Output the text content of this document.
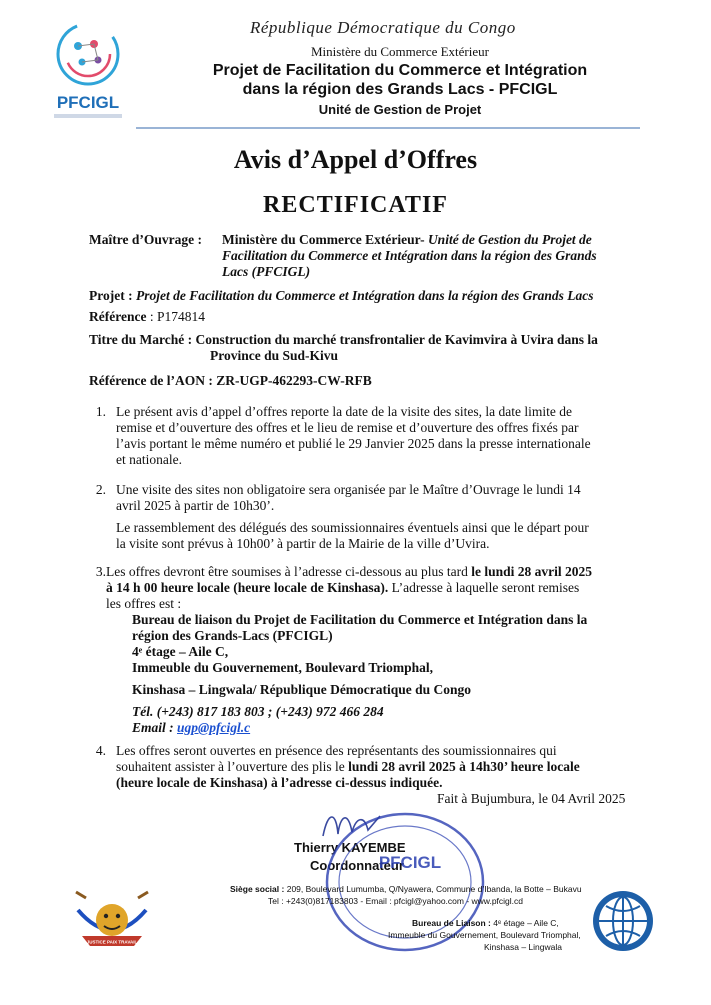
PFCIGL
République Démocratique du Congo
Ministère du Commerce Extérieur
Projet de Facilitation du Commerce et Intégration
dans la région des Grands Lacs - PFCIGL
Unité de Gestion de Projet
Avis d’Appel d’Offres
RECTIFICATIF
Maître d’Ouvrage : Ministère du Commerce Extérieur- Unité de Gestion du Projet de
Facilitation du Commerce et Intégration dans la région des Grands
Lacs (PFCIGL)
Projet : Projet de Facilitation du Commerce et Intégration dans la région des Grands Lacs
Référence : P174814
Titre du Marché : Construction du marché transfrontalier de Kavimvira à Uvira dans la
Province du Sud-Kivu
Référence de l’AON : ZR-UGP-462293-CW-RFB
1. Le présent avis d’appel d’offres reporte la date de la visite des sites, la date limite de
remise et d’ouverture des offres et le lieu de remise et d’ouverture des offres fixés par
l’avis portant le même numéro et publié le 29 Janvier 2025 dans la presse internationale
et nationale.
2. Une visite des sites non obligatoire sera organisée par le Maître d’Ouvrage le lundi 14
avril 2025 à partir de 10h30’.
Le rassemblement des délégués des soumissionnaires éventuels ainsi que le départ pour
la visite sont prévus à 10h00’ à partir de la Mairie de la ville d’Uvira.
3. Les offres devront être soumises à l’adresse ci-dessous au plus tard le lundi 28 avril 2025
à 14 h 00 heure locale (heure locale de Kinshasa). L’adresse à laquelle seront remises
les offres est :
Bureau de liaison du Projet de Facilitation du Commerce et Intégration dans la
région des Grands-Lacs (PFCIGL)
4ᵉ étage – Aile C,
Immeuble du Gouvernement, Boulevard Triomphal,
Kinshasa – Lingwala/ République Démocratique du Congo
Tél. (+243) 817 183 803 ; (+243) 972 466 284
Email : ugp@pfcigl.c
4. Les offres seront ouvertes en présence des représentants des soumissionnaires qui
souhaitent assister à l’ouverture des plis le lundi 28 avril 2025 à 14h30’ heure locale
(heure locale de Kinshasa) à l’adresse ci-dessus indiquée.
Fait à Bujumbura, le 04 Avril 2025
Thierry KAYEMBE
Coordonnateur
PFCIGL
JUSTICE PAIX TRAVAIL
Siège social : 209, Boulevard Lumumba, Q/Nyawera, Commune d’Ibanda, la Botte – Bukavu
Tel : +243(0)817183803 - Email : pfcigl@yahoo.com - www.pfcigl.cd
Bureau de Liaison : 4ᵉ étage – Aile C,
Immeuble du Gouvernement, Boulevard Triomphal,
Kinshasa – Lingwala
